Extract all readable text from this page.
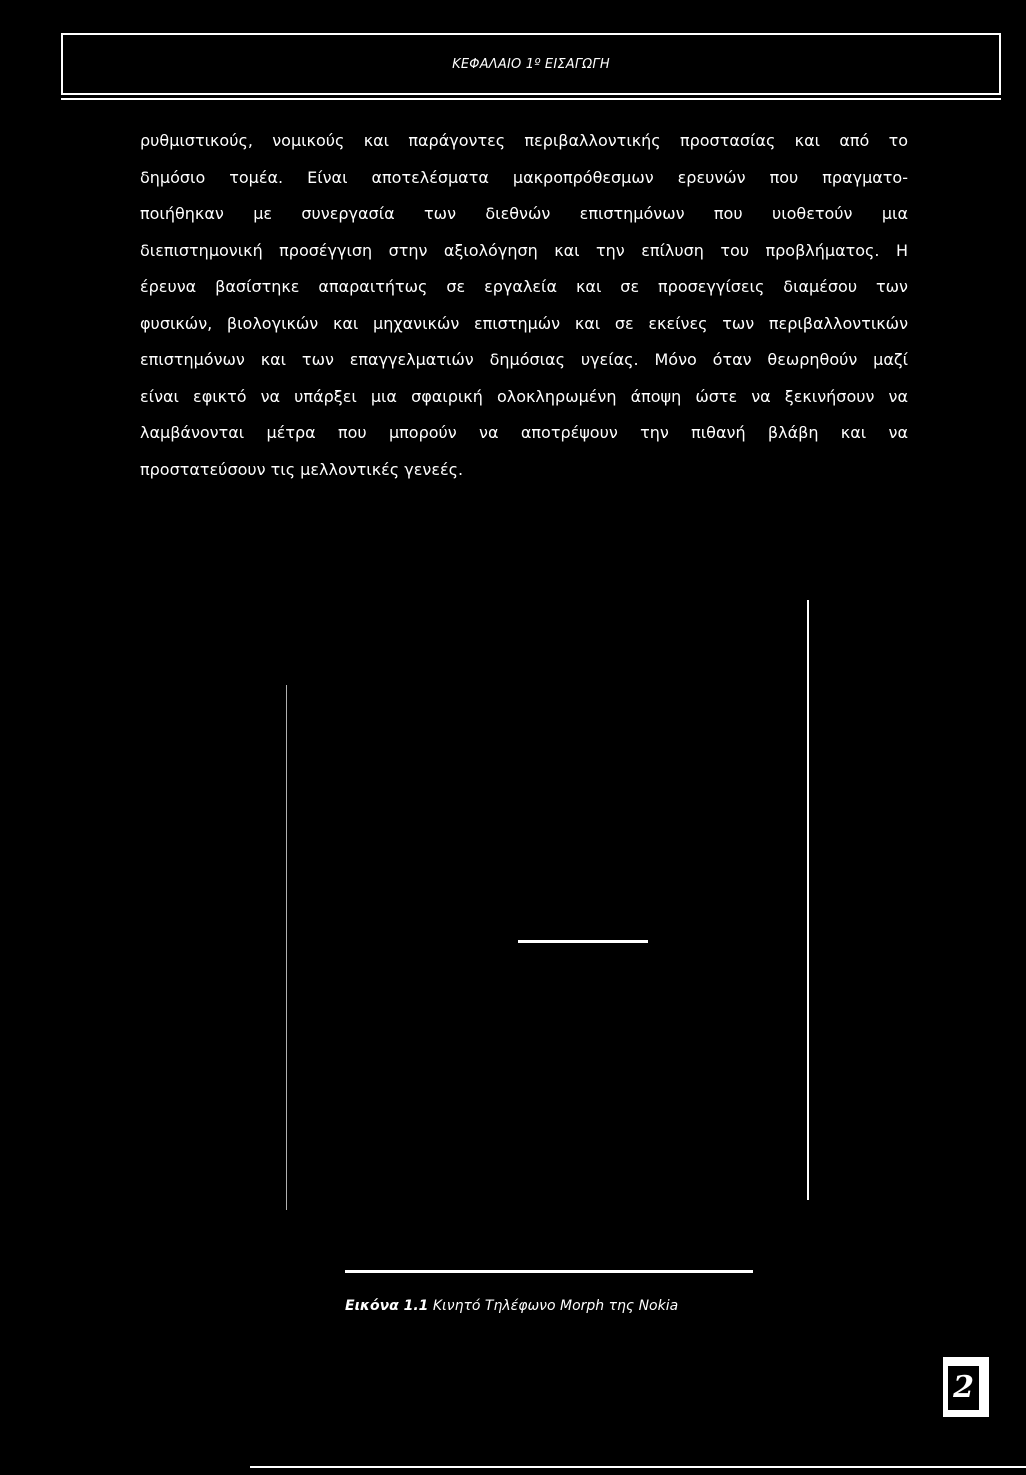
ΚΕΦΑΛΑΙΟ 1º ΕΙΣΑΓΩΓΗ
ρυθμιστικούς, νομικούς και παράγοντες περιβαλλοντικής προστασίας και από το
δημόσιο τομέα. Είναι αποτελέσματα μακροπρόθεσμων ερευνών που πραγματο-
ποιήθηκαν με συνεργασία των διεθνών επιστημόνων που υιοθετούν μια
διεπιστημονική προσέγγιση στην αξιολόγηση και την επίλυση του προβλήματος. Η
έρευνα βασίστηκε απαραιτήτως σε εργαλεία και σε προσεγγίσεις διαμέσου των
φυσικών, βιολογικών και μηχανικών επιστημών και σε εκείνες των περιβαλλοντικών
επιστημόνων και των επαγγελματιών δημόσιας υγείας. Μόνο όταν θεωρηθούν μαζί
είναι εφικτό να υπάρξει μια σφαιρική ολοκληρωμένη άποψη ώστε να ξεκινήσουν να
λαμβάνονται μέτρα που μπορούν να αποτρέψουν την πιθανή βλάβη και να
προστατεύσουν τις μελλοντικές γενεές.
Εικόνα 1.1 Κινητό Τηλέφωνο Morph της Nokia
2
